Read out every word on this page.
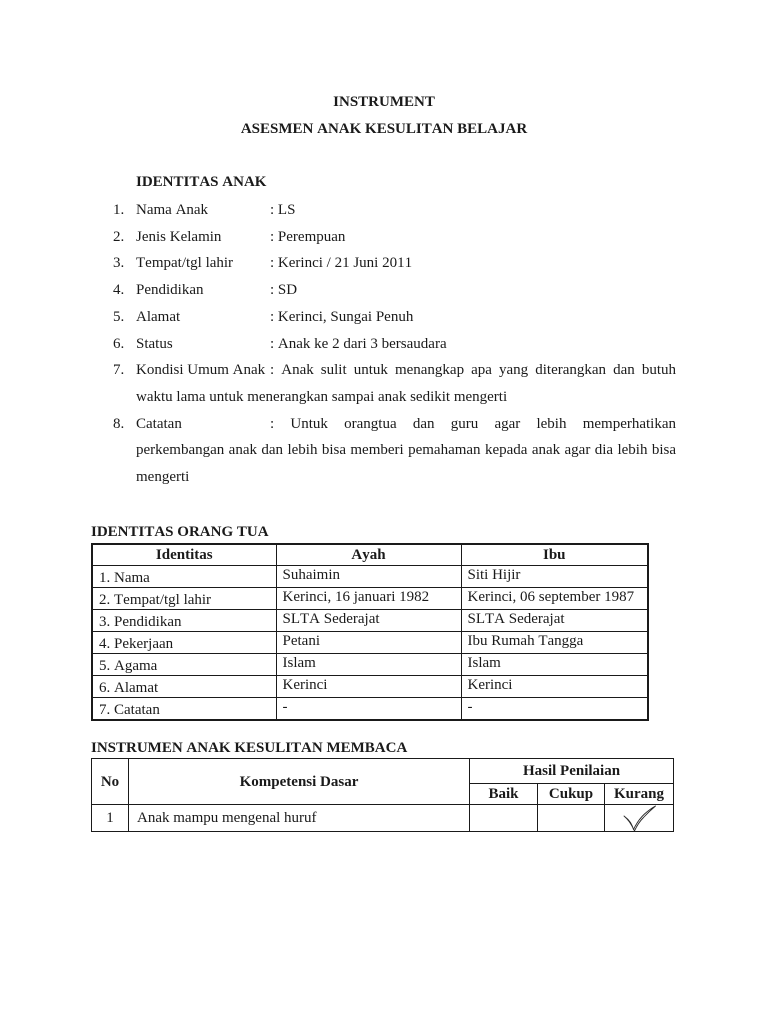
INSTRUMENT
ASESMEN ANAK KESULITAN BELAJAR
IDENTITAS ANAK
1. Nama Anak	: LS
2. Jenis Kelamin	: Perempuan
3. Tempat/tgl lahir : Kerinci / 21 Juni 2011
4. Pendidikan	: SD
5. Alamat	: Kerinci, Sungai Penuh
6. Status	: Anak ke 2 dari 3 bersaudara
7. Kondisi Umum Anak : Anak sulit untuk menangkap apa yang diterangkan dan butuh waktu lama untuk menerangkan sampai anak sedikit mengerti
8. Catatan	: Untuk orangtua dan guru agar lebih memperhatikan perkembangan anak dan lebih bisa memberi pemahaman kepada anak agar dia lebih bisa mengerti
IDENTITAS ORANG TUA
Identitas	Ayah	Ibu
1. Nama	Suhaimin	Siti Hijir
2. Tempat/tgl lahir	Kerinci, 16 januari 1982	Kerinci, 06 september 1987
3. Pendidikan	SLTA Sederajat	SLTA Sederajat
4. Pekerjaan	Petani	Ibu Rumah Tangga
5. Agama	Islam	Islam
6. Alamat	Kerinci	Kerinci
7. Catatan	-	-
INSTRUMEN ANAK KESULITAN MEMBACA
No	Kompetensi Dasar	Hasil Penilaian		
		Baik	Cukup	Kurang
1	Anak mampu mengenal huruf			
